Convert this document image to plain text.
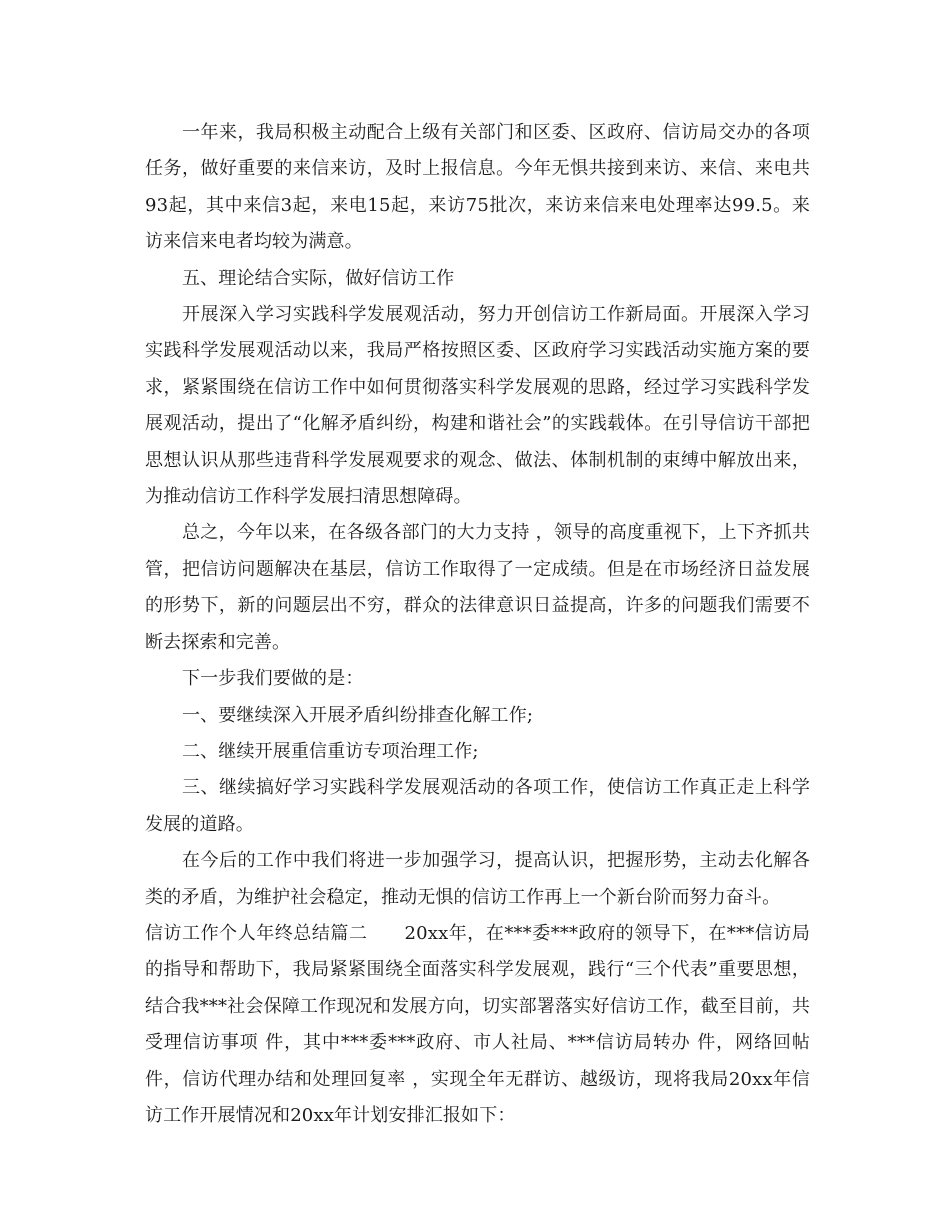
一年来，我局积极主动配合上级有关部门和区委、区政府、信访局交办的各项任务，做好重要的来信来访，及时上报信息。今年无惧共接到来访、来信、来电共93起，其中来信3起，来电15起，来访75批次，来访来信来电处理率达99.5。来访来信来电者均较为满意。

五、理论结合实际，做好信访工作

开展深入学习实践科学发展观活动，努力开创信访工作新局面。开展深入学习实践科学发展观活动以来，我局严格按照区委、区政府学习实践活动实施方案的要求，紧紧围绕在信访工作中如何贯彻落实科学发展观的思路，经过学习实践科学发展观活动，提出了“化解矛盾纠纷，构建和谐社会”的实践载体。在引导信访干部把思想认识从那些违背科学发展观要求的观念、做法、体制机制的束缚中解放出来，为推动信访工作科学发展扫清思想障碍。

总之，今年以来，在各级各部门的大力支持 ，领导的高度重视下，上下齐抓共管，把信访问题解决在基层，信访工作取得了一定成绩。但是在市场经济日益发展的形势下，新的问题层出不穷，群众的法律意识日益提高，许多的问题我们需要不断去探索和完善。

下一步我们要做的是：

一、要继续深入开展矛盾纠纷排查化解工作;

二、继续开展重信重访专项治理工作;

三、继续搞好学习实践科学发展观活动的各项工作，使信访工作真正走上科学发展的道路。

在今后的工作中我们将进一步加强学习，提高认识，把握形势，主动去化解各类的矛盾，为维护社会稳定，推动无惧的信访工作再上一个新台阶而努力奋斗。

信访工作个人年终总结篇二　　20xx年，在***委***政府的领导下，在***信访局的指导和帮助下，我局紧紧围绕全面落实科学发展观，践行“三个代表”重要思想，结合我***社会保障工作现况和发展方向，切实部署落实好信访工作，截至目前，共受理信访事项 件，其中***委***政府、市人社局、***信访局转办 件，网络回帖 件，信访代理办结和处理回复率 ，实现全年无群访、越级访，现将我局20xx年信访工作开展情况和20xx年计划安排汇报如下：
